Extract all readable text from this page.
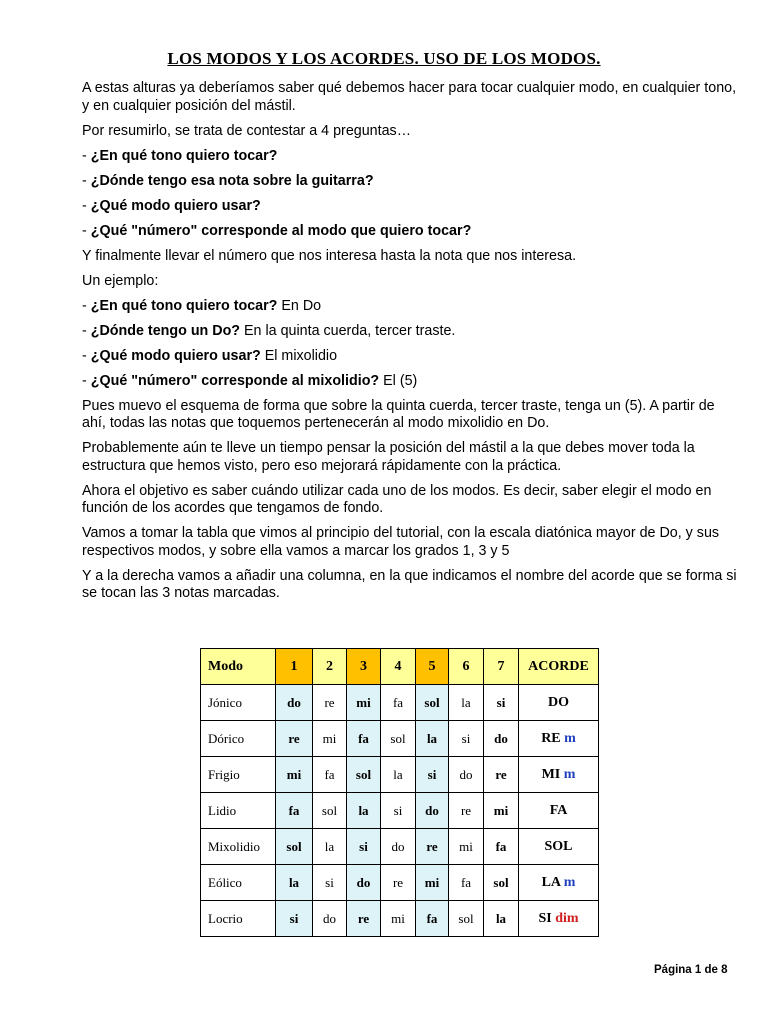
LOS MODOS Y LOS ACORDES. USO DE LOS MODOS.

A estas alturas ya deberíamos saber qué debemos hacer para tocar cualquier modo, en cualquier tono, y en cualquier posición del mástil.

Por resumirlo, se trata de contestar a 4 preguntas…

- ¿En qué tono quiero tocar?

- ¿Dónde tengo esa nota sobre la guitarra?

- ¿Qué modo quiero usar?

- ¿Qué "número" corresponde al modo que quiero tocar?

Y finalmente llevar el número que nos interesa hasta la nota que nos interesa.

Un ejemplo:

- ¿En qué tono quiero tocar? En Do

- ¿Dónde tengo un Do? En la quinta cuerda, tercer traste.

- ¿Qué modo quiero usar? El mixolidio

- ¿Qué "número" corresponde al mixolidio? El (5)

Pues muevo el esquema de forma que sobre la quinta cuerda, tercer traste, tenga un (5). A partir de ahí, todas las notas que toquemos pertenecerán al modo mixolidio en Do.

Probablemente aún te lleve un tiempo pensar la posición del mástil a la que debes mover toda la estructura que hemos visto, pero eso mejorará rápidamente con la práctica.

Ahora el objetivo es saber cuándo utilizar cada uno de los modos. Es decir, saber elegir el modo en función de los acordes que tengamos de fondo.

Vamos a tomar la tabla que vimos al principio del tutorial, con la escala diatónica mayor de Do, y sus respectivos modos, y sobre ella vamos a marcar los grados 1, 3 y 5

Y a la derecha vamos a añadir una columna, en la que indicamos el nombre del acorde que se forma si se tocan las 3 notas marcadas.

Modo	1	2	3	4	5	6	7	ACORDE
Jónico	do	re	mi	fa	sol	la	si	DO
Dórico	re	mi	fa	sol	la	si	do	RE m
Frigio	mi	fa	sol	la	si	do	re	MI m
Lidio	fa	sol	la	si	do	re	mi	FA
Mixolidio	sol	la	si	do	re	mi	fa	SOL
Eólico	la	si	do	re	mi	fa	sol	LA m
Locrio	si	do	re	mi	fa	sol	la	SI dim
Página 1 de 8
